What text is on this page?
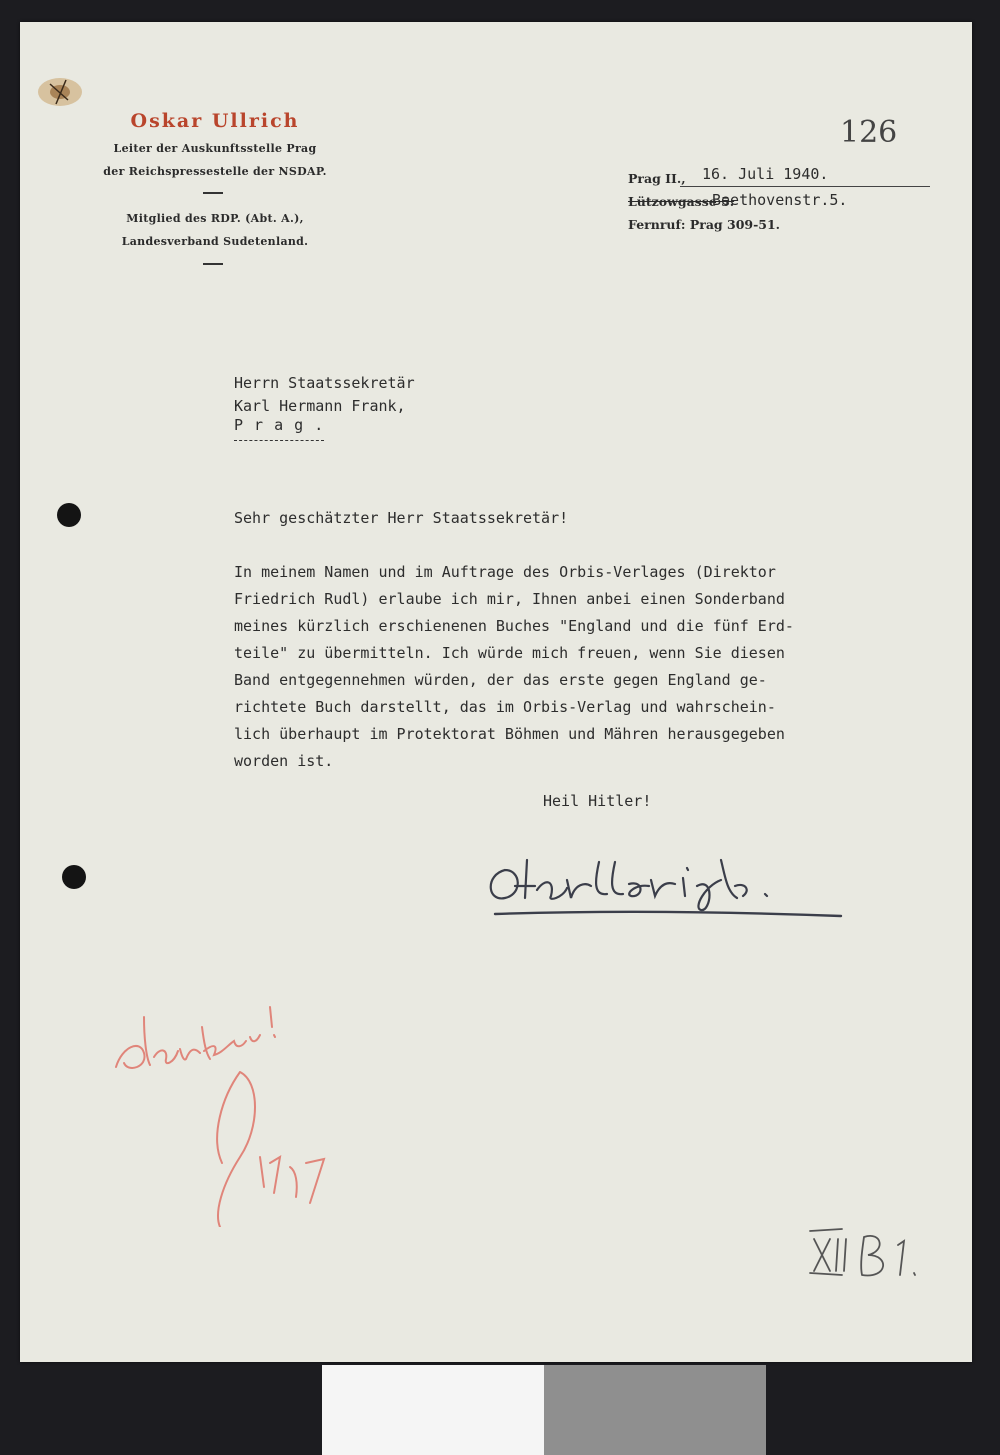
Oskar Ullrich
Leiter der Auskunftsstelle Prag
der Reichspressestelle der NSDAP.
Mitglied des RDP. (Abt. A.),
Landesverband Sudetenland.
126
Prag II., 16. Juli 1940.
Lützowgasse 5.
Beethovenstr.5.
Fernruf: Prag 309-51.
Herrn Staatssekretär
Karl Hermann Frank,
P r a g .
Sehr geschätzter Herr Staatssekretär!
In meinem Namen und im Auftrage des Orbis-Verlages (Direktor
Friedrich Rudl) erlaube ich mir, Ihnen anbei einen Sonderband
meines kürzlich erschienenen Buches "England und die fünf Erd-
teile" zu übermitteln. Ich würde mich freuen, wenn Sie diesen
Band entgegennehmen würden, der das erste gegen England ge-
richtete Buch darstellt, das im Orbis-Verlag und wahrschein-
lich überhaupt im Protektorat Böhmen und Mähren herausgegeben
worden ist.
Heil Hitler!
